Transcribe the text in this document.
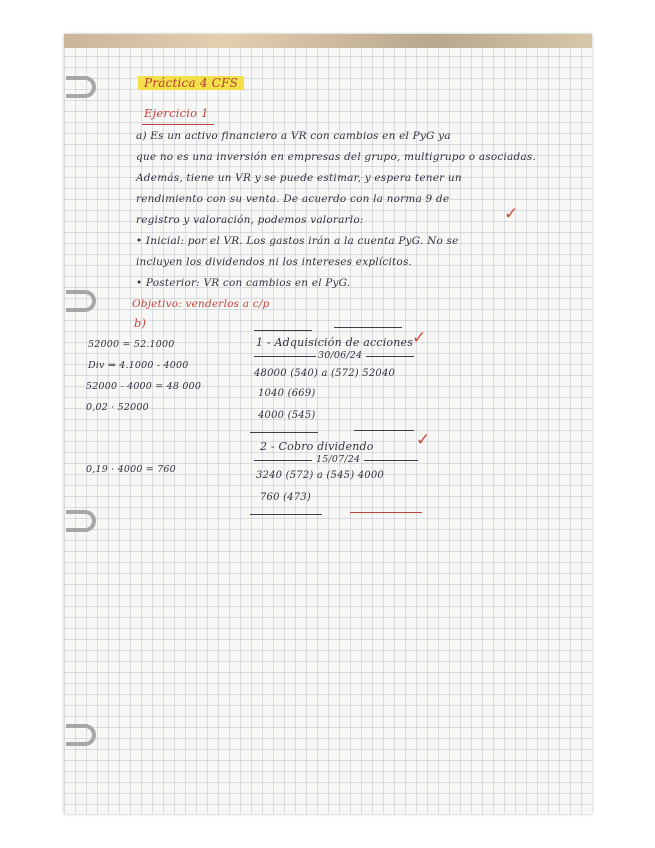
Práctica 4 CFS
Ejercicio 1
a) Es un activo financiero a VR con cambios en el PyG ya
que no es una inversión en empresas del grupo, multigrupo o asociadas.
Además, tiene un VR y se puede estimar, y espera tener un
rendimiento con su venta. De acuerdo con la norma 9 de
registro y valoración, podemos valorarlo:	✓
• Inicial: por el VR. Los gastos irán a la cuenta PyG. No se
incluyen los dividendos ni los intereses explícitos.
• Posterior: VR con cambios en el PyG.
Objetivo: venderlos a c/p
b)
52000 = 52.1000
Div ⇒ 4.1000 - 4000
52000 - 4000 = 48 000
0,02 · 52000
0,19 · 4000 = 760
1 - Adquisición de acciones
✓
30/06/24
48000 (540) a (572) 52040
1040 (669)
4000 (545)
2 - Cobro dividendo ✓
15/07/24
3240 (572) a (545) 4000
760 (473)
